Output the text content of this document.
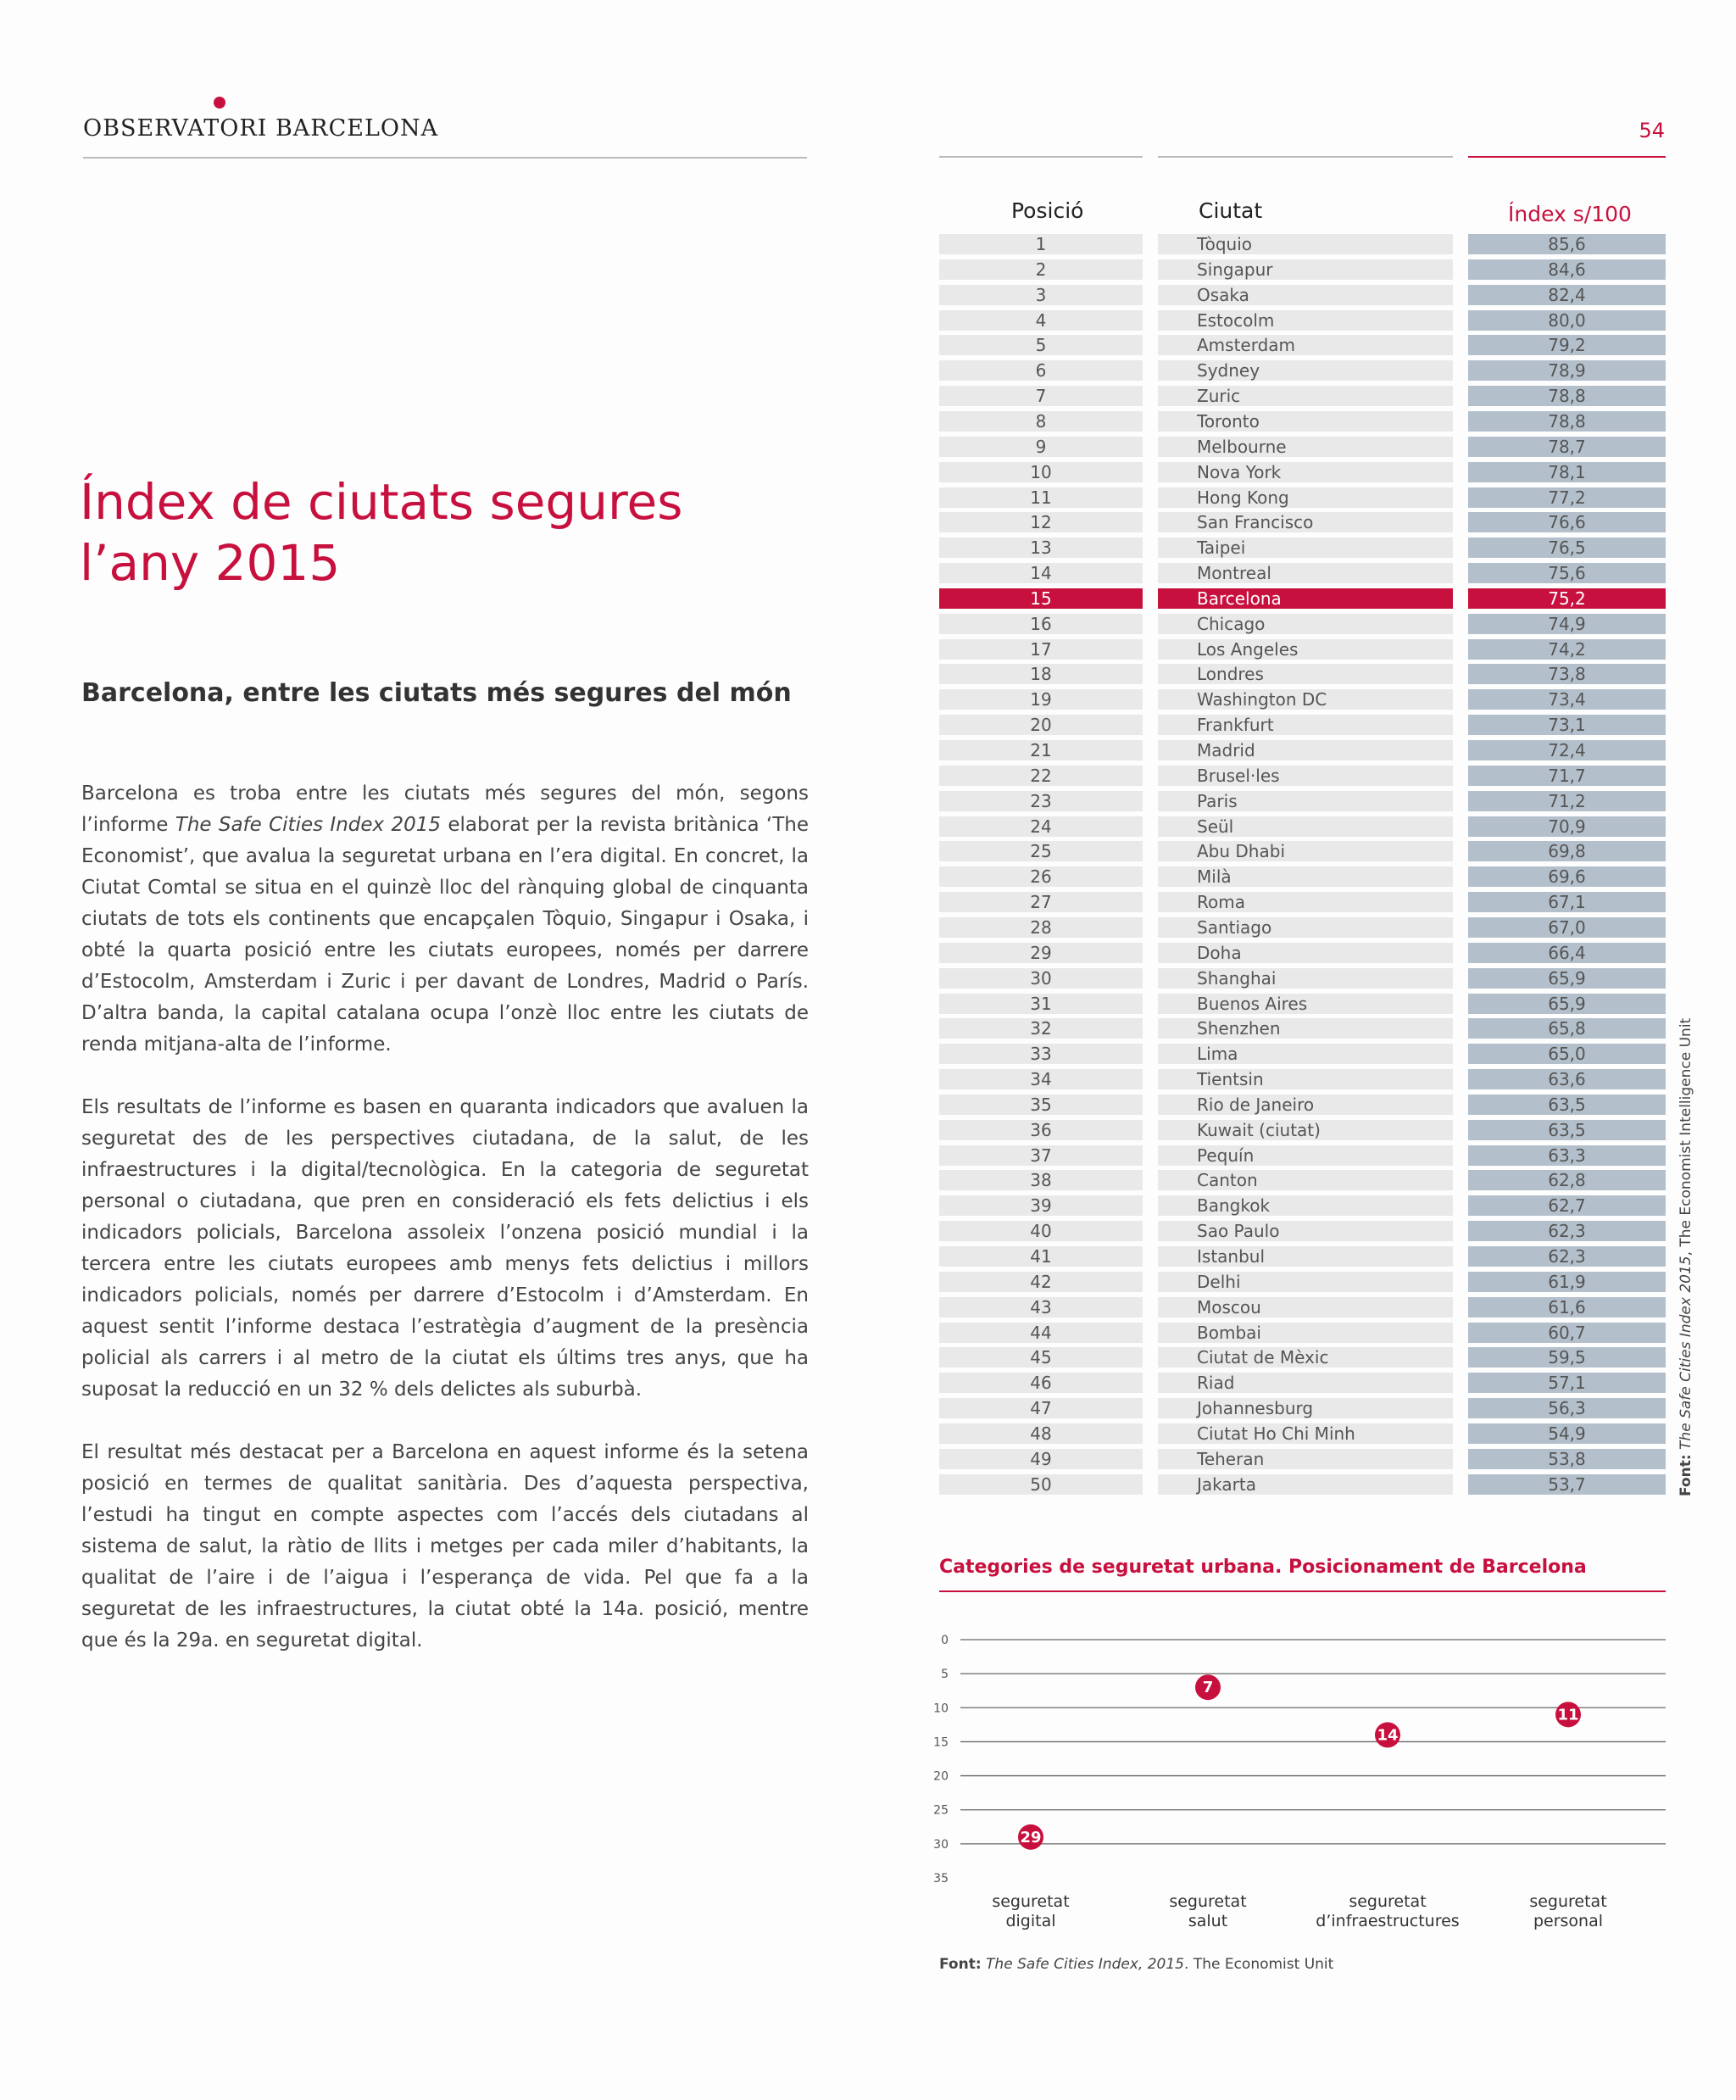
OBSERVATORI BARCELONA	54
Índex de ciutats segures
l’any 2015
Barcelona, entre les ciutats més segures del món

Barcelona es troba entre les ciutats més segures del món, segons l’informe The Safe Cities Index 2015 elaborat per la revista britànica ‘The Economist’, que avalua la seguretat urbana en l’era digital. En concret, la Ciutat Comtal se situa en el quinzè lloc del rànquing global de cinquanta ciutats de tots els continents que encapçalen Tòquio, Singapur i Osaka, i obté la quarta posició entre les ciutats europees, només per darrere d’Estocolm, Amsterdam i Zuric i per davant de Londres, Madrid o París. D’altra banda, la capital catalana ocupa l’onzè lloc entre les ciutats de renda mitjana-alta de l’informe.

Els resultats de l’informe es basen en quaranta indicadors que avaluen la seguretat des de les perspectives ciutadana, de la salut, de les infraestructures i la digital/tecnològica. En la categoria de seguretat personal o ciutadana, que pren en consideració els fets delictius i els indicadors policials, Barcelona assoleix l’onzena posició mundial i la tercera entre les ciutats europees amb menys fets delictius i millors indicadors policials, només per darrere d’Estocolm i d’Amsterdam. En aquest sentit l’informe destaca l’estratègia d’augment de la presència policial als carrers i al metro de la ciutat els últims tres anys, que ha suposat la reducció en un 32 % dels delictes als suburbà.

El resultat més destacat per a Barcelona en aquest informe és la setena posició en termes de qualitat sanitària. Des d’aquesta perspectiva, l’estudi ha tingut en compte aspectes com l’accés dels ciutadans al sistema de salut, la ràtio de llits i metges per cada miler d’habitants, la qualitat de l’aire i de l’aigua i l’esperança de vida. Pel que fa a la seguretat de les infraestructures, la ciutat obté la 14a. posició, mentre que és la 29a. en seguretat digital.

Posició	Ciutat	Índex s/100
1	Tòquio	85,6
2	Singapur	84,6
3	Osaka	82,4
4	Estocolm	80,0
5	Amsterdam	79,2
6	Sydney	78,9
7	Zuric	78,8
8	Toronto	78,8
9	Melbourne	78,7
10	Nova York	78,1
11	Hong Kong	77,2
12	San Francisco	76,6
13	Taipei	76,5
14	Montreal	75,6
15	Barcelona	75,2
16	Chicago	74,9
17	Los Angeles	74,2
18	Londres	73,8
19	Washington DC	73,4
20	Frankfurt	73,1
21	Madrid	72,4
22	Brusel·les	71,7
23	Paris	71,2
24	Seül	70,9
25	Abu Dhabi	69,8
26	Milà	69,6
27	Roma	67,1
28	Santiago	67,0
29	Doha	66,4
30	Shanghai	65,9
31	Buenos Aires	65,9
32	Shenzhen	65,8
33	Lima	65,0
34	Tientsin	63,6
35	Rio de Janeiro	63,5
36	Kuwait (ciutat)	63,5
37	Pequín	63,3
38	Canton	62,8
39	Bangkok	62,7
40	Sao Paulo	62,3
41	Istanbul	62,3
42	Delhi	61,9
43	Moscou	61,6
44	Bombai	60,7
45	Ciutat de Mèxic	59,5
46	Riad	57,1
47	Johannesburg	56,3
48	Ciutat Ho Chi Minh	54,9
49	Teheran	53,8
50	Jakarta	53,7	Font: The Safe Cities Index 2015, The Economist Intelligence Unit
Categories de seguretat urbana. Posicionament de Barcelona
0
5
10
15
20
25
30
35
seguretat digital
29
seguretat salut
7
seguretat d’infraestructures
14
seguretat personal
11
Font: The Safe Cities Index, 2015. The Economist Unit
